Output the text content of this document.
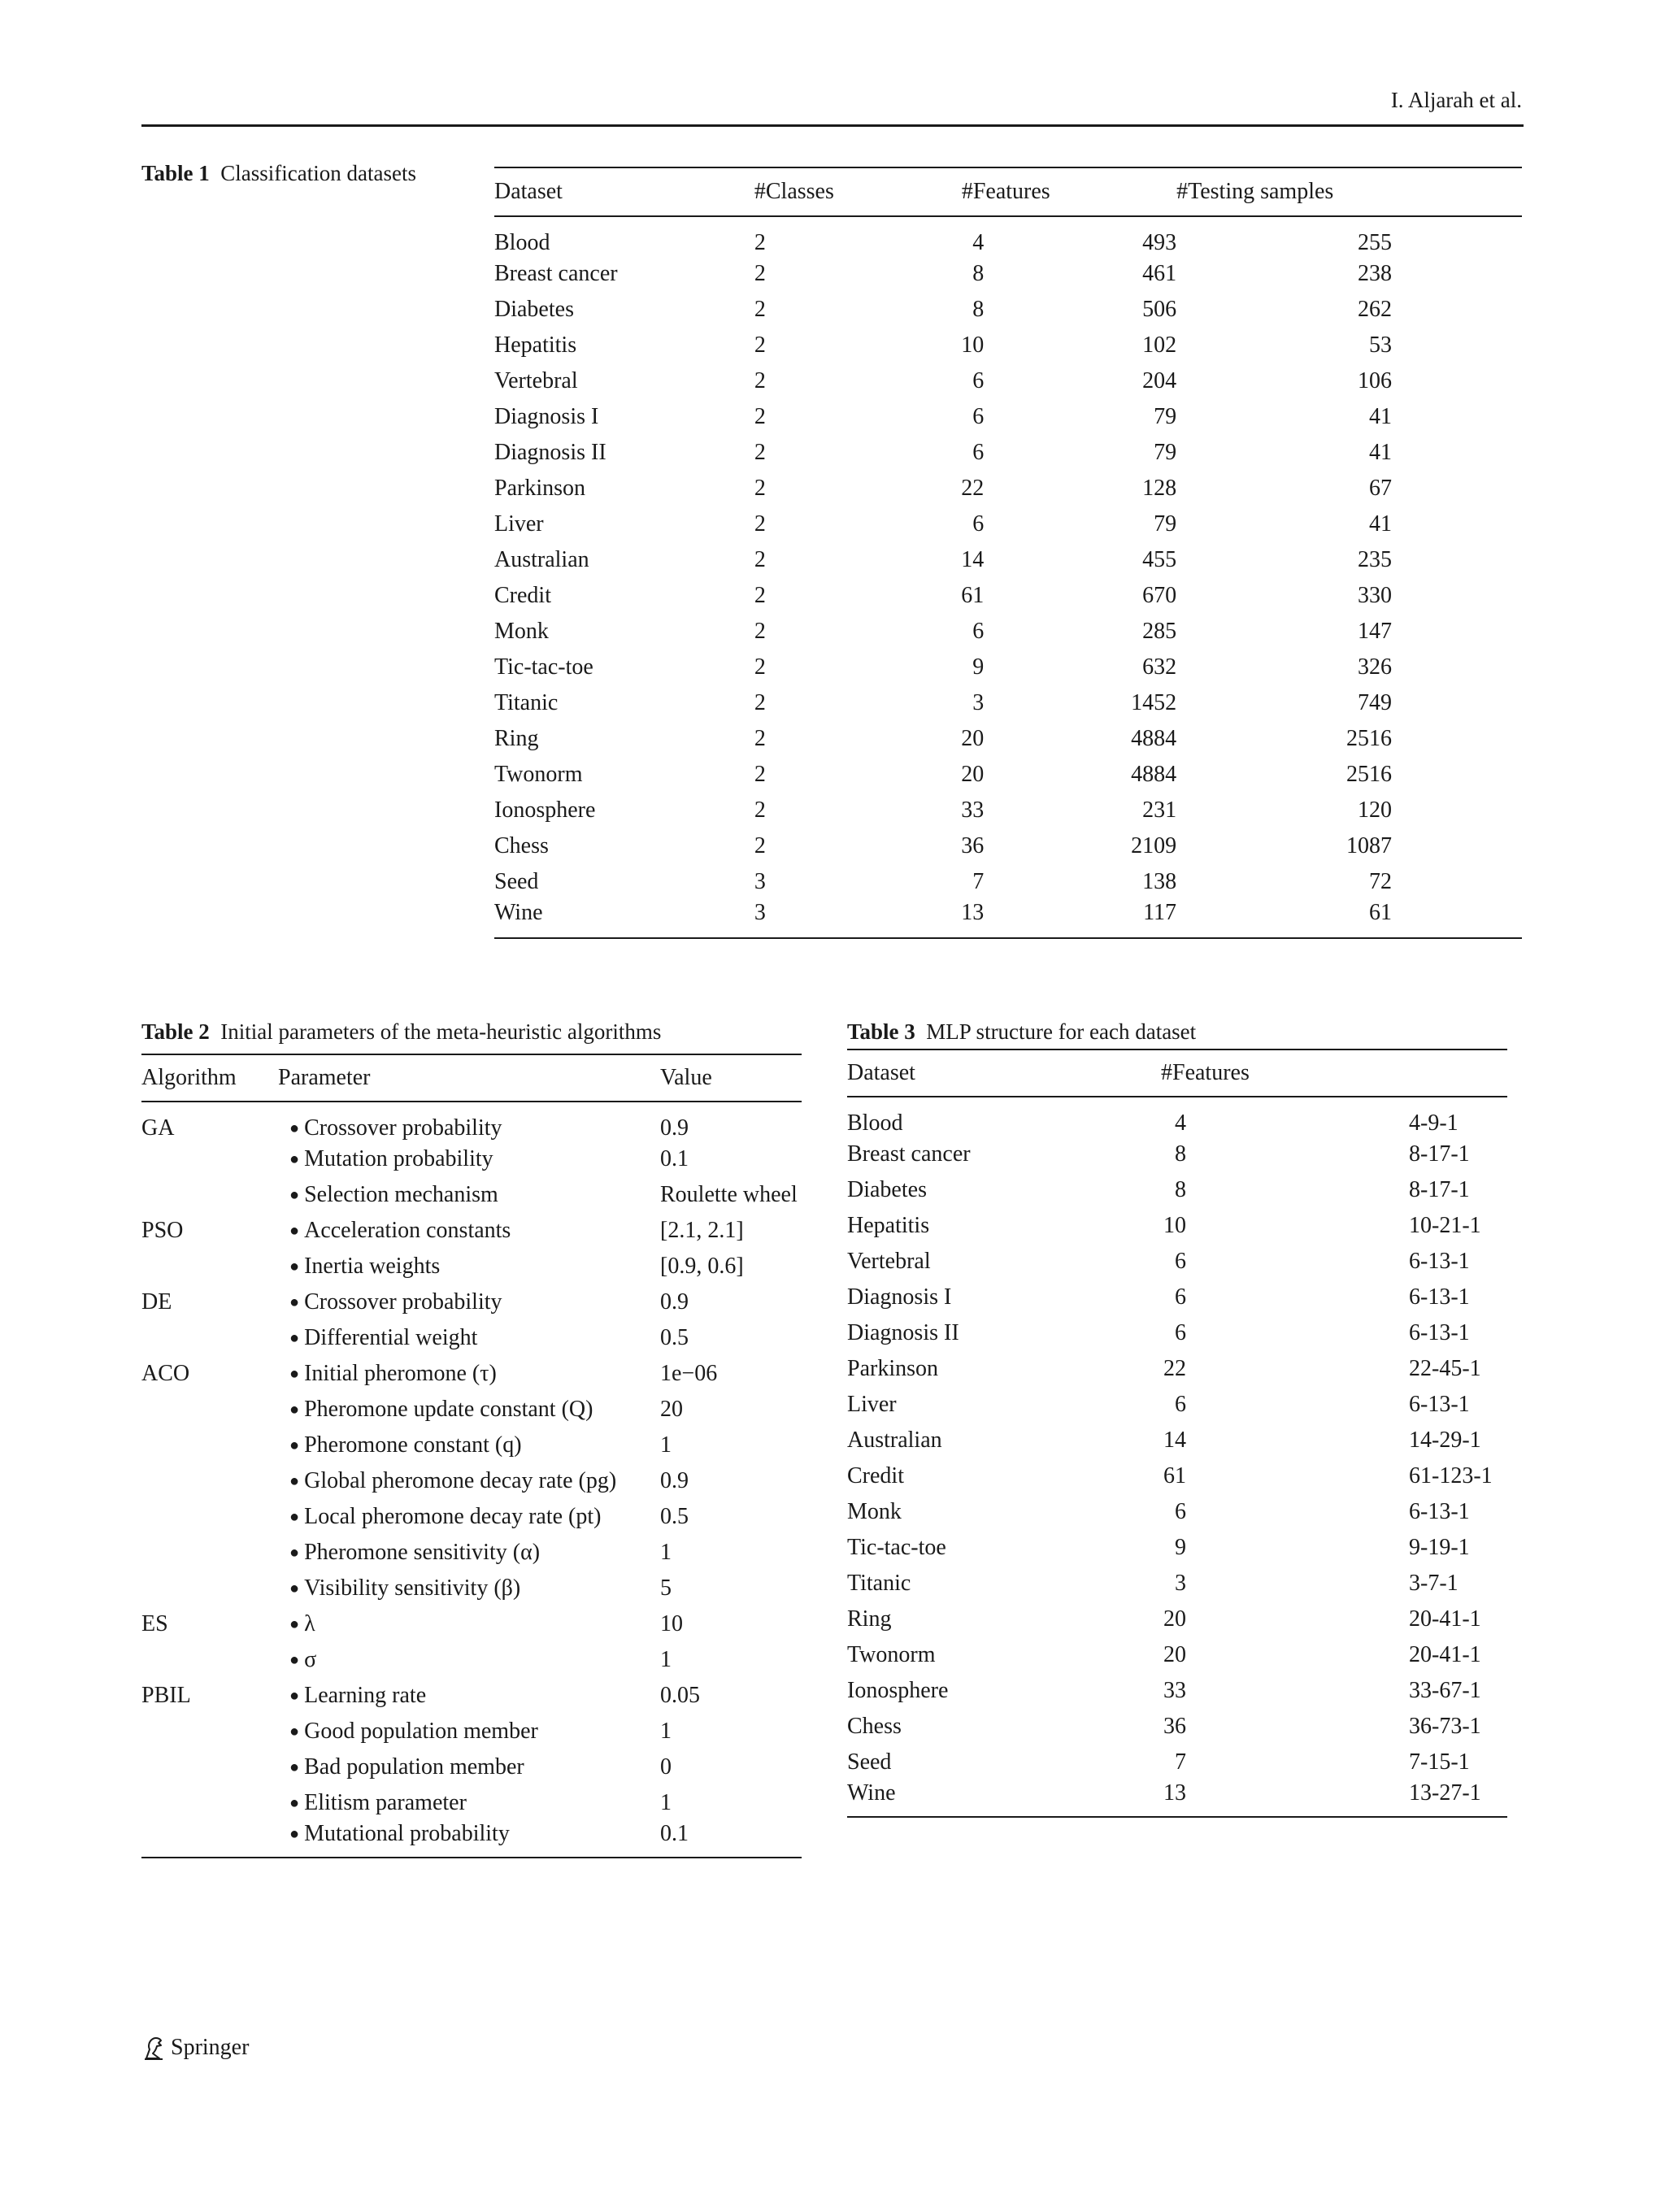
I. Aljarah et al.
Table 1 Classification datasets
Dataset	#Classes	#Features		#Testing samples
Blood	2	4	493	255
Breast cancer	2	8	461	238
Diabetes	2	8	506	262
Hepatitis	2	10	102	53
Vertebral	2	6	204	106
Diagnosis I	2	6	79	41
Diagnosis II	2	6	79	41
Parkinson	2	22	128	67
Liver	2	6	79	41
Australian	2	14	455	235
Credit	2	61	670	330
Monk	2	6	285	147
Tic-tac-toe	2	9	632	326
Titanic	2	3	1452	749
Ring	2	20	4884	2516
Twonorm	2	20	4884	2516
Ionosphere	2	33	231	120
Chess	2	36	2109	1087
Seed	3	7	138	72
Wine	3	13	117	61
Table 2 Initial parameters of the meta-heuristic algorithms
Algorithm	Parameter	Value
GA	● Crossover probability	0.9
	● Mutation probability	0.1
	● Selection mechanism	Roulette wheel
PSO	● Acceleration constants	[2.1, 2.1]
	● Inertia weights	[0.9, 0.6]
DE	● Crossover probability	0.9
	● Differential weight	0.5
ACO	● Initial pheromone (τ)	1e−06
	● Pheromone update constant (Q)	20
	● Pheromone constant (q)	1
	● Global pheromone decay rate (pg)	0.9
	● Local pheromone decay rate (pt)	0.5
	● Pheromone sensitivity (α)	1
	● Visibility sensitivity (β)	5
ES	● λ	10
	● σ	1
PBIL	● Learning rate	0.05
	● Good population member	1
	● Bad population member	0
	● Elitism parameter	1
	● Mutational probability	0.1
Table 3 MLP structure for each dataset
Dataset	#Features
Blood	4	4-9-1
Breast cancer	8	8-17-1
Diabetes	8	8-17-1
Hepatitis	10	10-21-1
Vertebral	6	6-13-1
Diagnosis I	6	6-13-1
Diagnosis II	6	6-13-1
Parkinson	22	22-45-1
Liver	6	6-13-1
Australian	14	14-29-1
Credit	61	61-123-1
Monk	6	6-13-1
Tic-tac-toe	9	9-19-1
Titanic	3	3-7-1
Ring	20	20-41-1
Twonorm	20	20-41-1
Ionosphere	33	33-67-1
Chess	36	36-73-1
Seed	7	7-15-1
Wine	13	13-27-1
Springer
